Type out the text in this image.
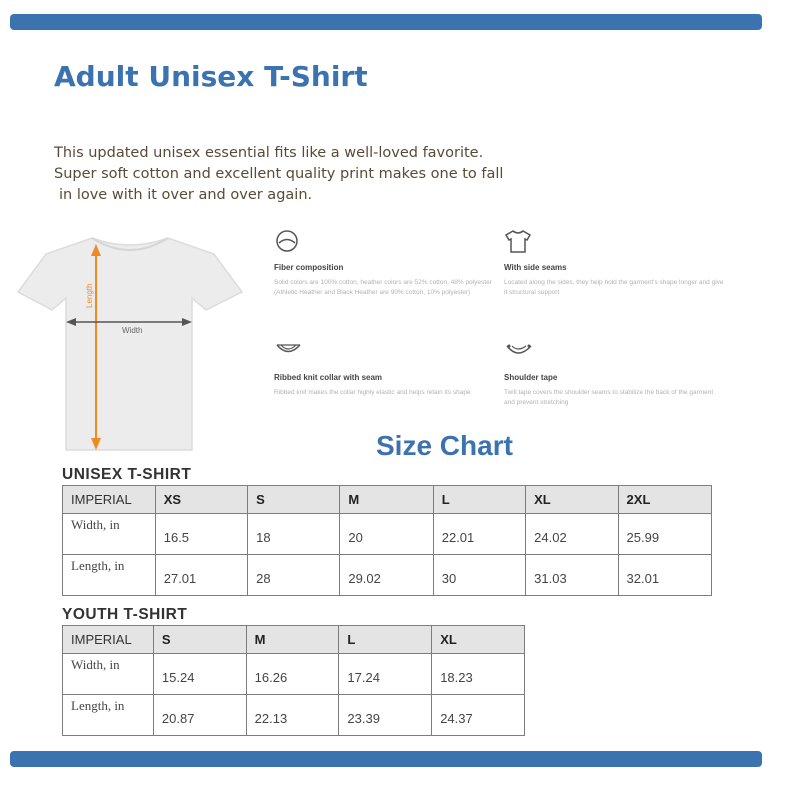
Adult Unisex T-Shirt
This updated unisex essential fits like a well-loved favorite.
Super soft cotton and excellent quality print makes one to fall
in love with it over and over again.
Length
Width
Fiber composition
Solid colors are 100% cotton, heather colors are 52% cotton, 48% polyester (Athletic Heather and Black Heather are 90% cotton, 10% polyester)
With side seams
Located along the sides, they help hold the garment's shape longer and give it structural support
Ribbed knit collar with seam
Ribbed knit makes the collar highly elastic and helps retain its shape
Shoulder tape
Twill tape covers the shoulder seams to stabilize the back of the garment and prevent stretching
Size Chart
UNISEX T-SHIRT
IMPERIAL	XS	S	M	L	XL	2XL
Width, in	16.5	18	20	22.01	24.02	25.99
Length, in	27.01	28	29.02	30	31.03	32.01
YOUTH T-SHIRT
IMPERIAL	S	M	L	XL
Width, in	15.24	16.26	17.24	18.23
Length, in	20.87	22.13	23.39	24.37
